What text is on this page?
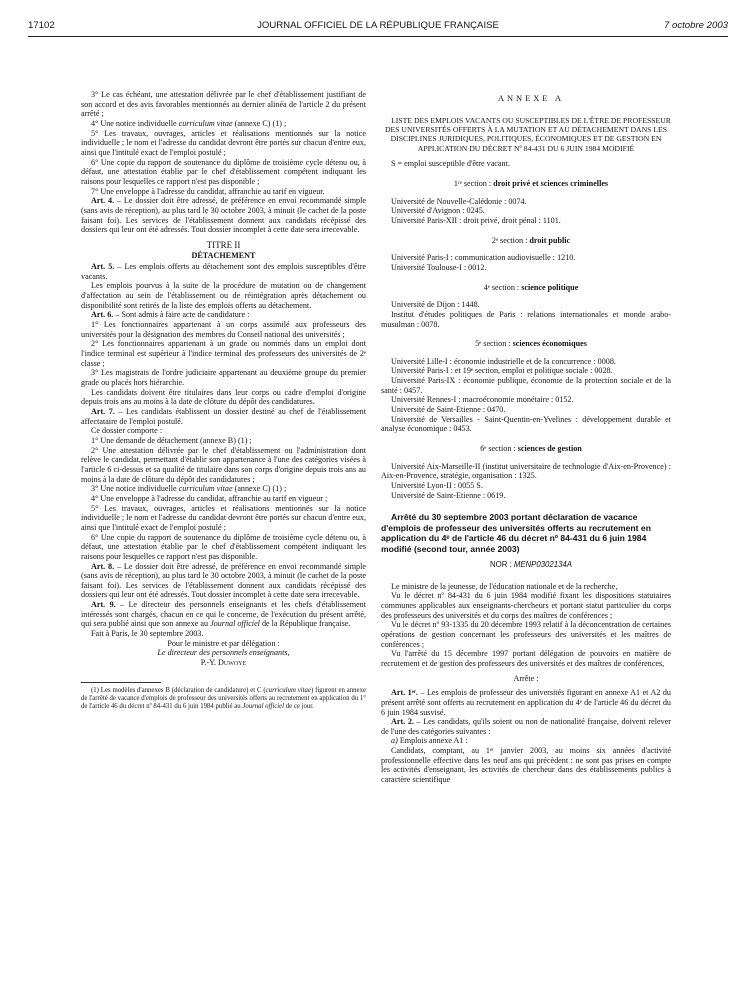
17102	JOURNAL OFFICIEL DE LA RÉPUBLIQUE FRANÇAISE	7 octobre 2003

3° Le cas échéant, une attestation délivrée par le chef d'établissement justifiant de son accord et des avis favorables mentionnés au dernier alinéa de l'article 2 du présent arrêté ;

4° Une notice individuelle curriculum vitae (annexe C) (1) ;

5° Les travaux, ouvrages, articles et réalisations mentionnés sur la notice individuelle ; le nom et l'adresse du candidat devront être portés sur chacun d'entre eux, ainsi que l'intitulé exact de l'emploi postulé ;

6° Une copie du rapport de soutenance du diplôme de troisième cycle détenu ou, à défaut, une attestation établie par le chef d'établissement compétent indiquant les raisons pour lesquelles ce rapport n'est pas disponible ;

7° Une enveloppe à l'adresse du candidat, affranchie au tarif en vigueur.

Art. 4. – Le dossier doit être adressé, de préférence en envoi recommandé simple (sans avis de réception), au plus tard le 30 octobre 2003, à minuit (le cachet de la poste faisant foi). Les services de l'établissement donnent aux candidats récépissé des dossiers qui leur ont été adressés. Tout dossier incomplet à cette date sera irrecevable.

TITRE II

DÉTACHEMENT

Art. 5. – Les emplois offerts au détachement sont des emplois susceptibles d'être vacants.

Les emplois pourvus à la suite de la procédure de mutation ou de changement d'affectation au sein de l'établissement ou de réintégration après détachement ou disponibilité sont retirés de la liste des emplois offerts au détachement.

Art. 6. – Sont admis à faire acte de candidature :

1° Les fonctionnaires appartenant à un corps assimilé aux professeurs des universités pour la désignation des membres du Conseil national des universités ;

2° Les fonctionnaires appartenant à un grade ou nommés dans un emploi dont l'indice terminal est supérieur à l'indice terminal des professeurs des universités de 2ᵉ classe ;

3° Les magistrats de l'ordre judiciaire appartenant au deuxième groupe du premier grade ou placés hors hiérarchie.

Les candidats doivent être titulaires dans leur corps ou cadre d'emploi d'origine depuis trois ans au moins à la date de clôture du dépôt des candidatures.

Art. 7. – Les candidats établissent un dossier destiné au chef de l'établissement affectataire de l'emploi postulé.

Ce dossier comporte :

1° Une demande de détachement (annexe B) (1) ;

2° Une attestation délivrée par le chef d'établissement ou l'administration dont relève le candidat, permettant d'établir son appartenance à l'une des catégories visées à l'article 6 ci-dessus et sa qualité de titulaire dans son corps d'origine depuis trois ans au moins à la date de clôture du dépôt des candidatures ;

3° Une notice individuelle curriculum vitae (annexe C) (1) ;

4° Une enveloppe à l'adresse du candidat, affranchie au tarif en vigueur ;

5° Les travaux, ouvrages, articles et réalisations mentionnés sur la notice individuelle ; le nom et l'adresse du candidat devront être portés sur chacun d'entre eux, ainsi que l'intitulé exact de l'emploi postulé ;

6° Une copie du rapport de soutenance du diplôme de troisième cycle détenu ou, à défaut, une attestation établie par le chef d'établissement compétent indiquant les raisons pour lesquelles ce rapport n'est pas disponible.

Art. 8. – Le dossier doit être adressé, de préférence en envoi recommandé simple (sans avis de réception), au plus tard le 30 octobre 2003, à minuit (le cachet de la poste faisant foi). Les services de l'établissement donnent aux candidats récépissé des dossiers qui leur ont été adressés. Tout dossier incomplet à cette date sera irrecevable.

Art. 9. – Le directeur des personnels enseignants et les chefs d'établissement intéressés sont chargés, chacun en ce qui le concerne, de l'exécution du présent arrêté, qui sera publié ainsi que son annexe au Journal officiel de la République française.

Fait à Paris, le 30 septembre 2003.

Pour le ministre et par délégation :

Le directeur des personnels enseignants,

P.-Y. Duwoye

(1) Les modèles d'annexes B (déclaration de candidature) et C (curriculum vitae) figurent en annexe de l'arrêté de vacance d'emplois de professeur des universités offerts au recrutement en application du 1° de l'article 46 du décret nº 84-431 du 6 juin 1984 publié au Journal officiel de ce jour.

ANNEXE A

LISTE DES EMPLOIS VACANTS OU SUSCEPTIBLES DE L'ÊTRE DE PROFESSEUR DES UNIVERSITÉS OFFERTS À LA MUTATION ET AU DÉTACHEMENT DANS LES DISCIPLINES JURIDIQUES, POLITIQUES, ÉCONOMIQUES ET DE GESTION EN APPLICATION DU DÉCRET Nº 84-431 DU 6 JUIN 1984 MODIFIÉ

S = emploi susceptible d'être vacant.

1ʳᵉ section : droit privé et sciences criminelles

Université de Nouvelle-Calédonie : 0074.

Université d'Avignon : 0245.

Université Paris-XII : droit privé, droit pénal : 1101.

2ᵉ section : droit public

Université Paris-I : communication audiovisuelle : 1210.

Université Toulouse-I : 0012.

4ᵉ section : science politique

Université de Dijon : 1448.

Institut d'études politiques de Paris : relations internationales et monde arabo-musulman : 0078.

5ᵉ section : sciences économiques

Université Lille-I : économie industrielle et de la concurrence : 0008.

Université Paris-I : et 19ᵉ section, emploi et politique sociale : 0028.

Université Paris-IX : économie publique, économie de la protection sociale et de la santé : 0457.

Université Rennes-I : macroéconomie monétaire : 0152.

Université de Saint-Etienne : 0470.

Université de Versailles - Saint-Quentin-en-Yvelines : développement durable et analyse économique : 0453.

6ᵉ section : sciences de gestion

Université Aix-Marseille-II (institut universitaire de technologie d'Aix-en-Provence) : Aix-en-Provence, stratégie, organisation : 1325.

Université Lyon-II : 0055 S.

Université de Saint-Etienne : 0619.

Arrêté du 30 septembre 2003 portant déclaration de vacance d'emplois de professeur des universités offerts au recrutement en application du 4ᵉ de l'article 46 du décret nº 84-431 du 6 juin 1984 modifié (second tour, année 2003)

NOR : MENP0302134A

Le ministre de la jeunesse, de l'éducation nationale et de la recherche,

Vu le décret nº 84-431 du 6 juin 1984 modifié fixant les dispositions statutaires communes applicables aux enseignants-chercheurs et portant statut particulier du corps des professeurs des universités et du corps des maîtres de conférences ;

Vu le décret nº 93-1335 du 20 décembre 1993 relatif à la déconcentration de certaines opérations de gestion concernant les professeurs des universités et les maîtres de conférences ;

Vu l'arrêté du 15 décembre 1997 portant délégation de pouvoirs en matière de recrutement et de gestion des professeurs des universités et des maîtres de conférences,

Arrête :

Art. 1ᵉʳ. – Les emplois de professeur des universités figurant en annexe A1 et A2 du présent arrêté sont offerts au recrutement en application du 4ᵉ de l'article 46 du décret du 6 juin 1984 susvisé.

Art. 2. – Les candidats, qu'ils soient ou non de nationalité française, doivent relever de l'une des catégories suivantes :

a) Emplois annexe A1 :

Candidats, comptant, au 1ᵉʳ janvier 2003, au moins six années d'activité professionnelle effective dans les neuf ans qui précèdent : ne sont pas prises en compte les activités d'enseignant, les activités de chercheur dans des établissements publics à caractère scientifique
